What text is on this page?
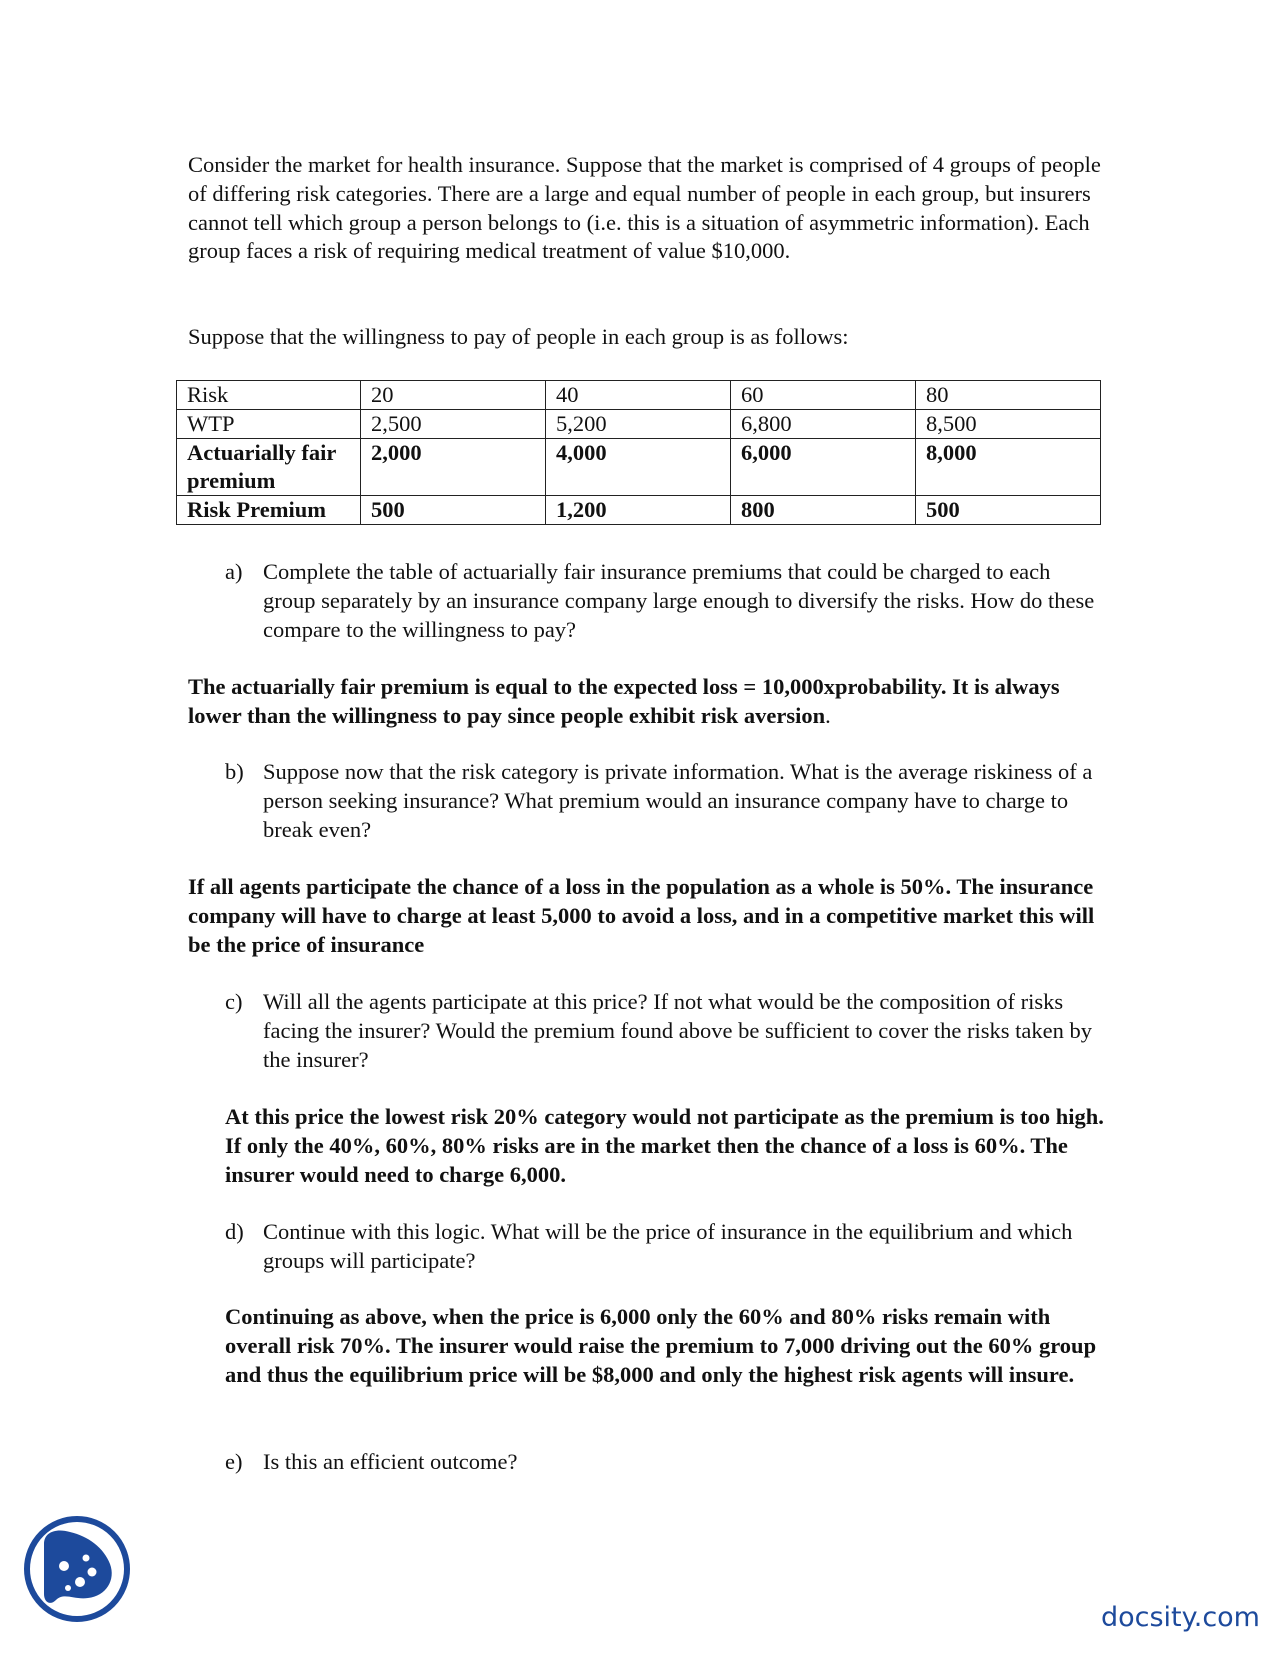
Consider the market for health insurance. Suppose that the market is comprised of 4 groups of people of differing risk categories. There are a large and equal number of people in each group, but insurers cannot tell which group a person belongs to (i.e. this is a situation of asymmetric information). Each group faces a risk of requiring medical treatment of value $10,000.

Suppose that the willingness to pay of people in each group is as follows:

Risk	20	40	60	80
WTP	2,500	5,200	6,800	8,500
Actuarially fair premium	2,000	4,000	6,000	8,000
Risk Premium	500	1,200	800	500
a) Complete the table of actuarially fair insurance premiums that could be charged to each group separately by an insurance company large enough to diversify the risks. How do these compare to the willingness to pay?

The actuarially fair premium is equal to the expected loss = 10,000xprobability. It is always lower than the willingness to pay since people exhibit risk aversion.

b) Suppose now that the risk category is private information. What is the average riskiness of a person seeking insurance? What premium would an insurance company have to charge to break even?

If all agents participate the chance of a loss in the population as a whole is 50%. The insurance company will have to charge at least 5,000 to avoid a loss, and in a competitive market this will be the price of insurance

c) Will all the agents participate at this price? If not what would be the composition of risks facing the insurer? Would the premium found above be sufficient to cover the risks taken by the insurer?

At this price the lowest risk 20% category would not participate as the premium is too high. If only the 40%, 60%, 80% risks are in the market then the chance of a loss is 60%. The insurer would need to charge 6,000.

d) Continue with this logic. What will be the price of insurance in the equilibrium and which groups will participate?

Continuing as above, when the price is 6,000 only the 60% and 80% risks remain with overall risk 70%. The insurer would raise the premium to 7,000 driving out the 60% group and thus the equilibrium price will be $8,000 and only the highest risk agents will insure.

e) Is this an efficient outcome?
docsity.com
